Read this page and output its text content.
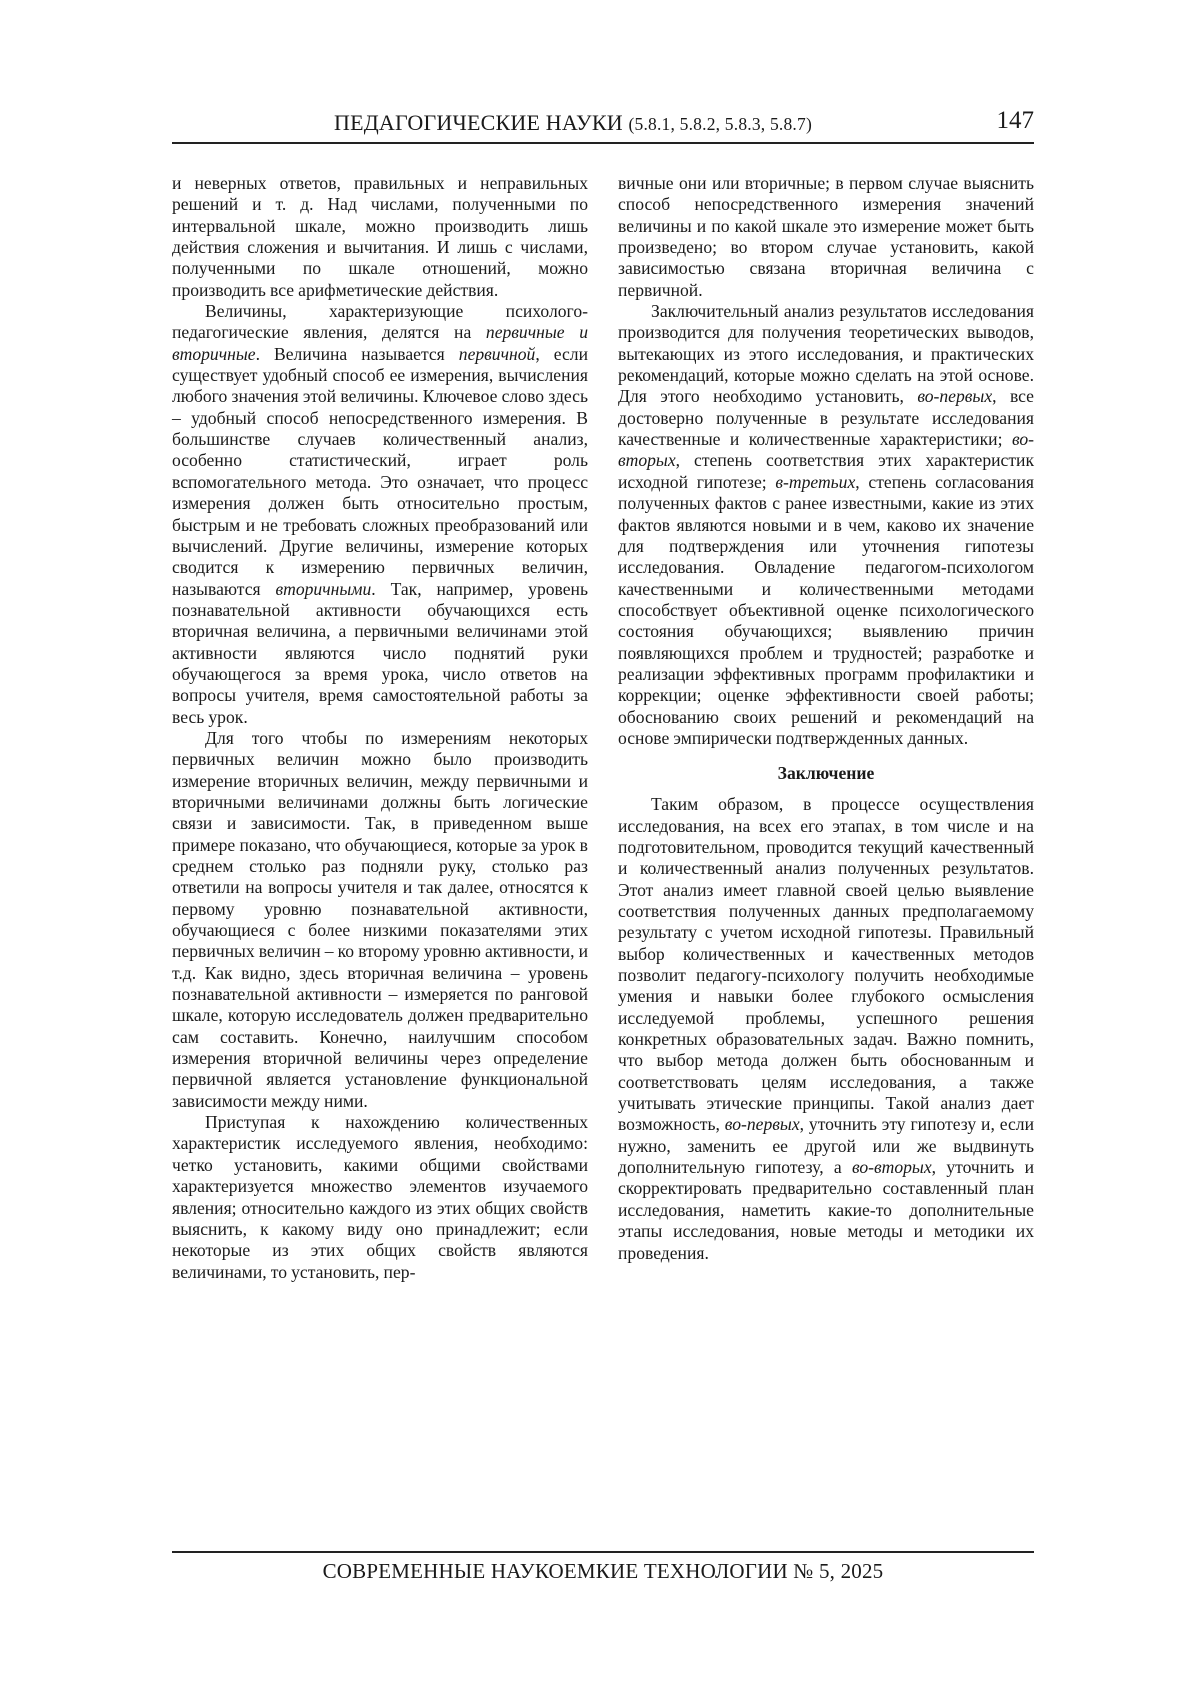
ПЕДАГОГИЧЕСКИЕ НАУКИ (5.8.1, 5.8.2, 5.8.3, 5.8.7)	147

и неверных ответов, правильных и неправильных решений и т. д. Над числами, полученными по интервальной шкале, можно производить лишь действия сложения и вычитания. И лишь с числами, полученными по шкале отношений, можно производить все арифметические действия.

Величины, характеризующие психолого-педагогические явления, делятся на первичные и вторичные. Величина называется первичной, если существует удобный способ ее измерения, вычисления любого значения этой величины. Ключевое слово здесь – удобный способ непосредственного измерения. В большинстве случаев количественный анализ, особенно статистический, играет роль вспомогательного метода. Это означает, что процесс измерения должен быть относительно простым, быстрым и не требовать сложных преобразований или вычислений. Другие величины, измерение которых сводится к измерению первичных величин, называются вторичными. Так, например, уровень познавательной активности обучающихся есть вторичная величина, а первичными величинами этой активности являются число поднятий руки обучающегося за время урока, число ответов на вопросы учителя, время самостоятельной работы за весь урок.

Для того чтобы по измерениям некоторых первичных величин можно было производить измерение вторичных величин, между первичными и вторичными величинами должны быть логические связи и зависимости. Так, в приведенном выше примере показано, что обучающиеся, которые за урок в среднем столько раз подняли руку, столько раз ответили на вопросы учителя и так далее, относятся к первому уровню познавательной активности, обучающиеся с более низкими показателями этих первичных величин – ко второму уровню активности, и т.д. Как видно, здесь вторичная величина – уровень познавательной активности – измеряется по ранговой шкале, которую исследователь должен предварительно сам составить. Конечно, наилучшим способом измерения вторичной величины через определение первичной является установление функциональной зависимости между ними.

Приступая к нахождению количественных характеристик исследуемого явления, необходимо: четко установить, какими общими свойствами характеризуется множество элементов изучаемого явления; относительно каждого из этих общих свойств выяснить, к какому виду оно принадлежит; если некоторые из этих общих свойств являются величинами, то установить, пер-

вичные они или вторичные; в первом случае выяснить способ непосредственного измерения значений величины и по какой шкале это измерение может быть произведено; во втором случае установить, какой зависимостью связана вторичная величина с первичной.

Заключительный анализ результатов исследования производится для получения теоретических выводов, вытекающих из этого исследования, и практических рекомендаций, которые можно сделать на этой основе. Для этого необходимо установить, во-первых, все достоверно полученные в результате исследования качественные и количественные характеристики; во-вторых, степень соответствия этих характеристик исходной гипотезе; в-третьих, степень согласования полученных фактов с ранее известными, какие из этих фактов являются новыми и в чем, каково их значение для подтверждения или уточнения гипотезы исследования. Овладение педагогом-психологом качественными и количественными методами способствует объективной оценке психологического состояния обучающихся; выявлению причин появляющихся проблем и трудностей; разработке и реализации эффективных программ профилактики и коррекции; оценке эффективности своей работы; обоснованию своих решений и рекомендаций на основе эмпирически подтвержденных данных.

Заключение

Таким образом, в процессе осуществления исследования, на всех его этапах, в том числе и на подготовительном, проводится текущий качественный и количественный анализ полученных результатов. Этот анализ имеет главной своей целью выявление соответствия полученных данных предполагаемому результату с учетом исходной гипотезы. Правильный выбор количественных и качественных методов позволит педагогу-психологу получить необходимые умения и навыки более глубокого осмысления исследуемой проблемы, успешного решения конкретных образовательных задач. Важно помнить, что выбор метода должен быть обоснованным и соответствовать целям исследования, а также учитывать этические принципы. Такой анализ дает возможность, во-первых, уточнить эту гипотезу и, если нужно, заменить ее другой или же выдвинуть дополнительную гипотезу, а во-вторых, уточнить и скорректировать предварительно составленный план исследования, наметить какие-то дополнительные этапы исследования, новые методы и методики их проведения.

СОВРЕМЕННЫЕ НАУКОЕМКИЕ ТЕХНОЛОГИИ № 5, 2025
